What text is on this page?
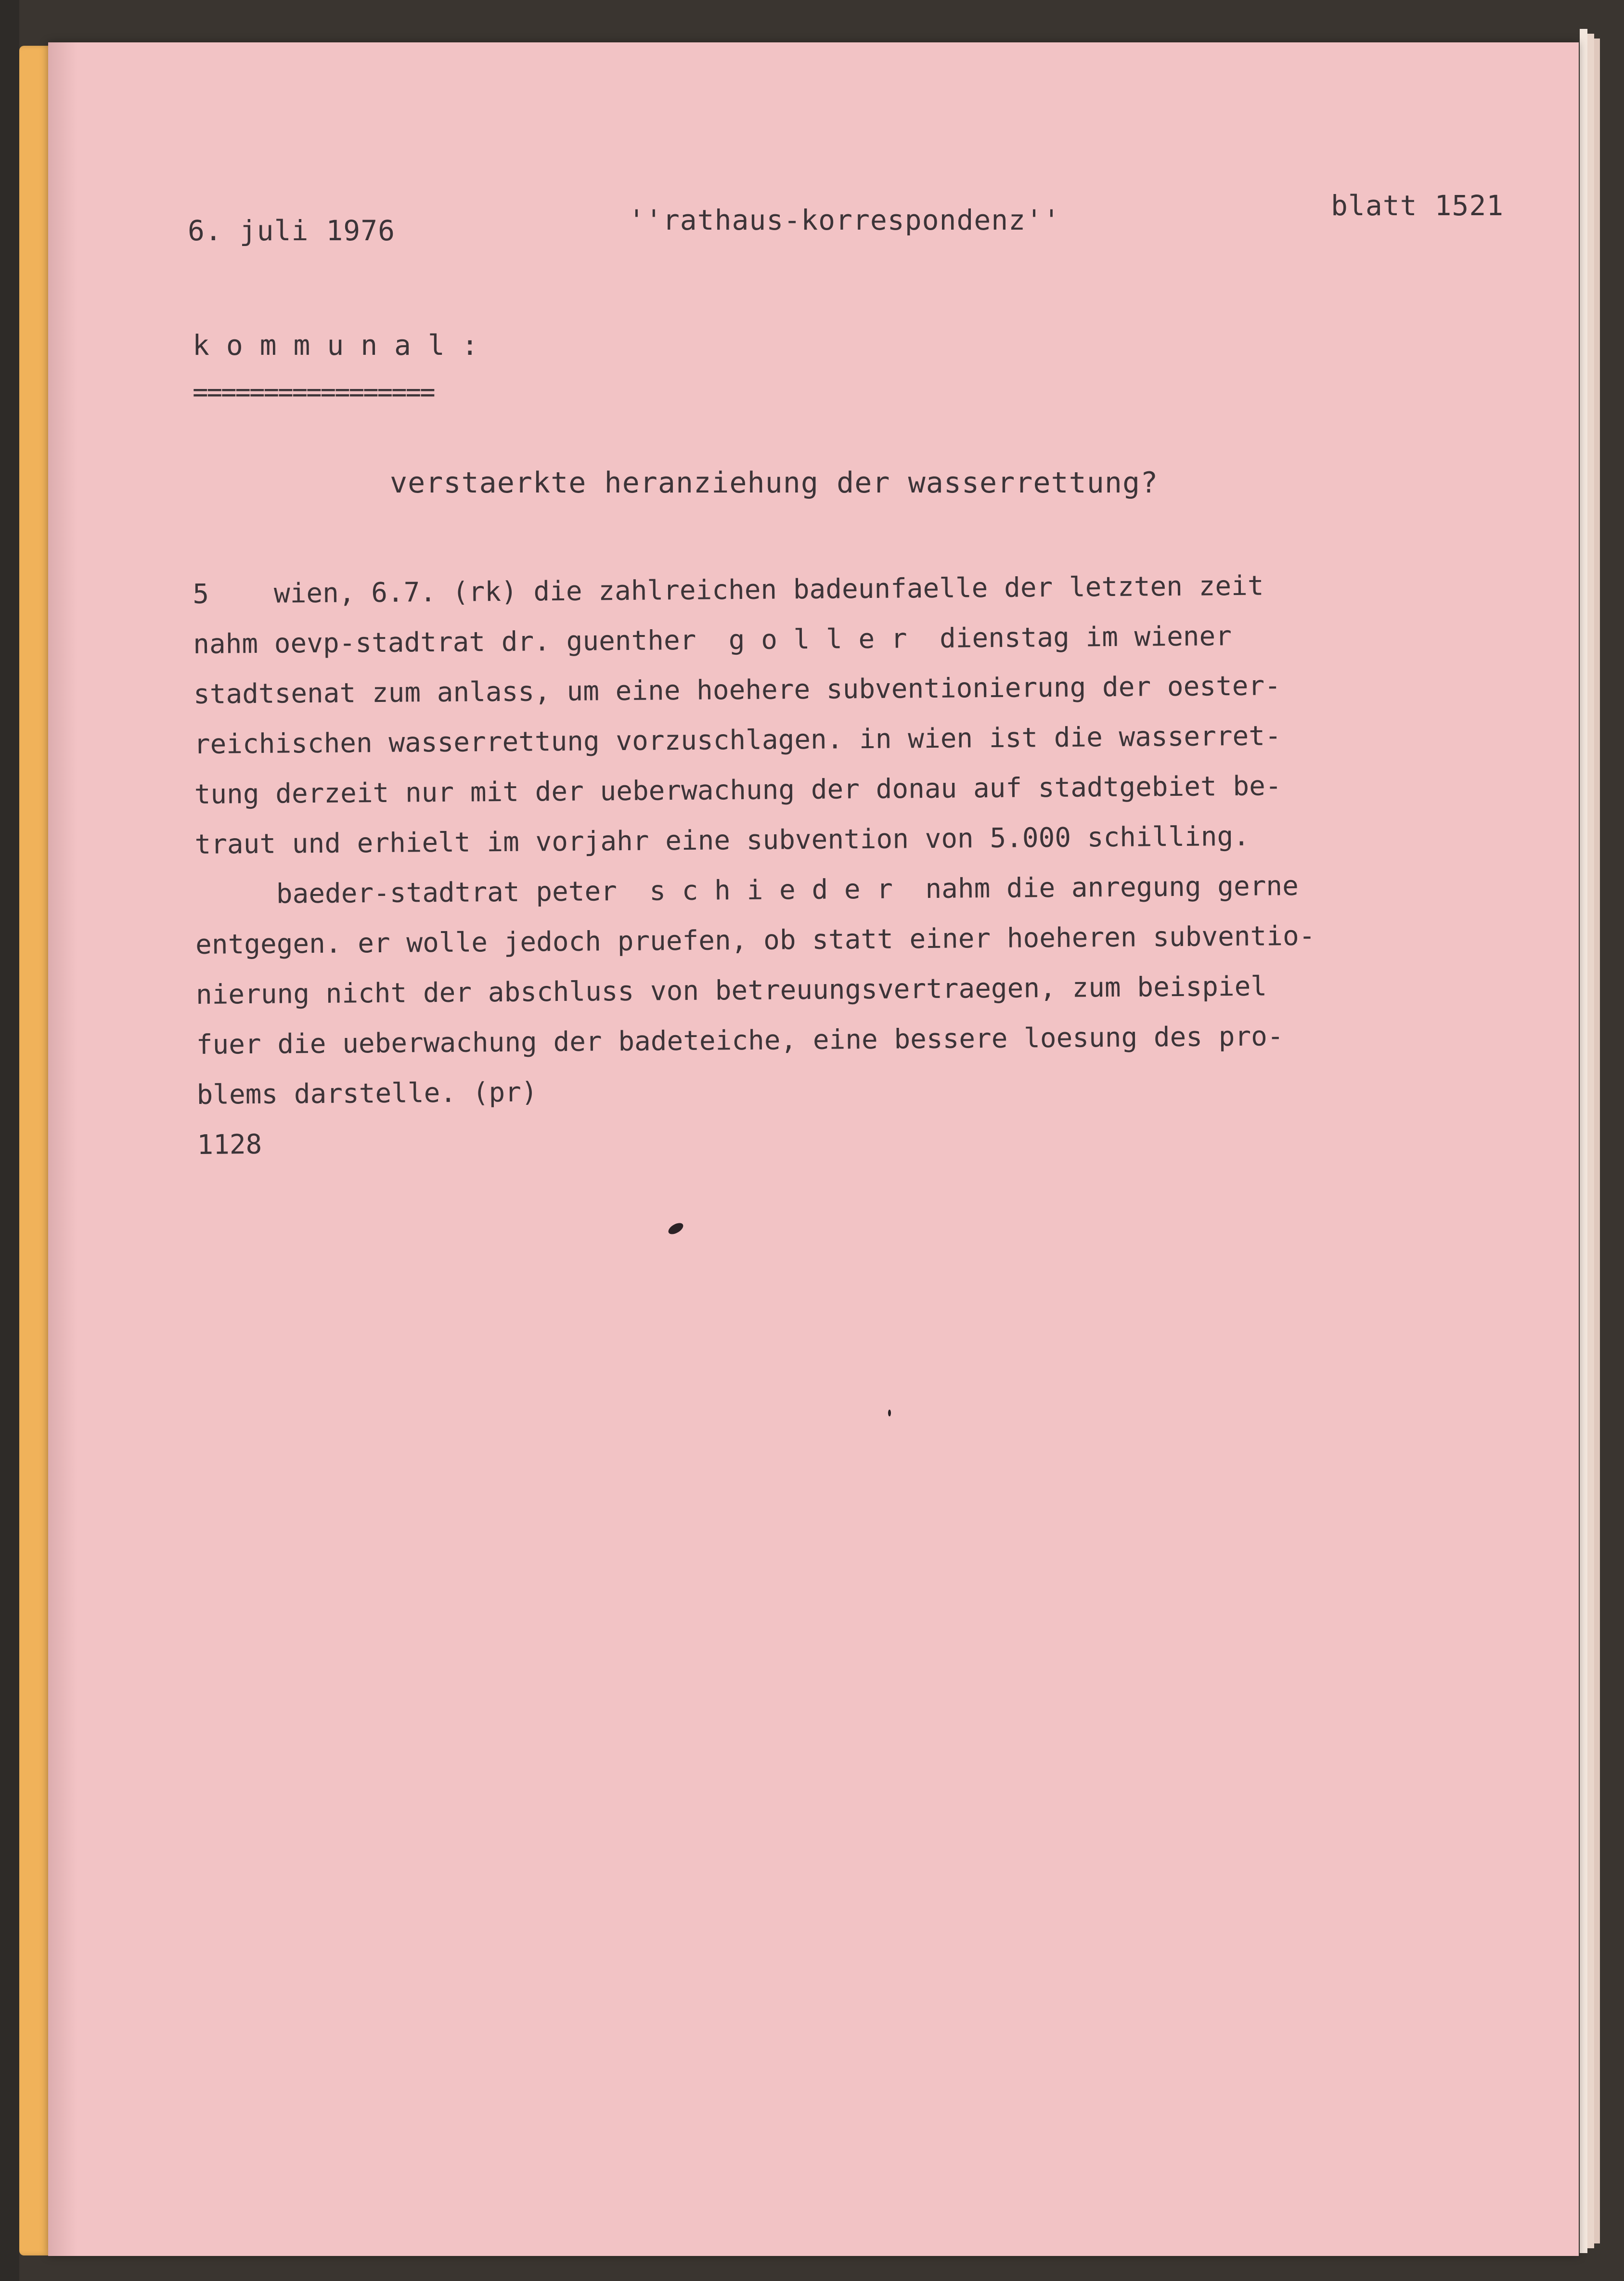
6. juli 1976	''rathaus-korrespondenz''	blatt 1521
k o m m u n a l :
=================
verstaerkte heranziehung der wasserrettung?
5    wien, 6.7. (rk) die zahlreichen badeunfaelle der letzten zeit
nahm oevp-stadtrat dr. guenther  g o l l e r  dienstag im wiener
stadtsenat zum anlass, um eine hoehere subventionierung der oester-
reichischen wasserrettung vorzuschlagen. in wien ist die wasserret-
tung derzeit nur mit der ueberwachung der donau auf stadtgebiet be-
traut und erhielt im vorjahr eine subvention von 5.000 schilling.
baeder-stadtrat peter  s c h i e d e r  nahm die anregung gerne
entgegen. er wolle jedoch pruefen, ob statt einer hoeheren subventio-
nierung nicht der abschluss von betreuungsvertraegen, zum beispiel
fuer die ueberwachung der badeteiche, eine bessere loesung des pro-
blems darstelle. (pr)
1128
